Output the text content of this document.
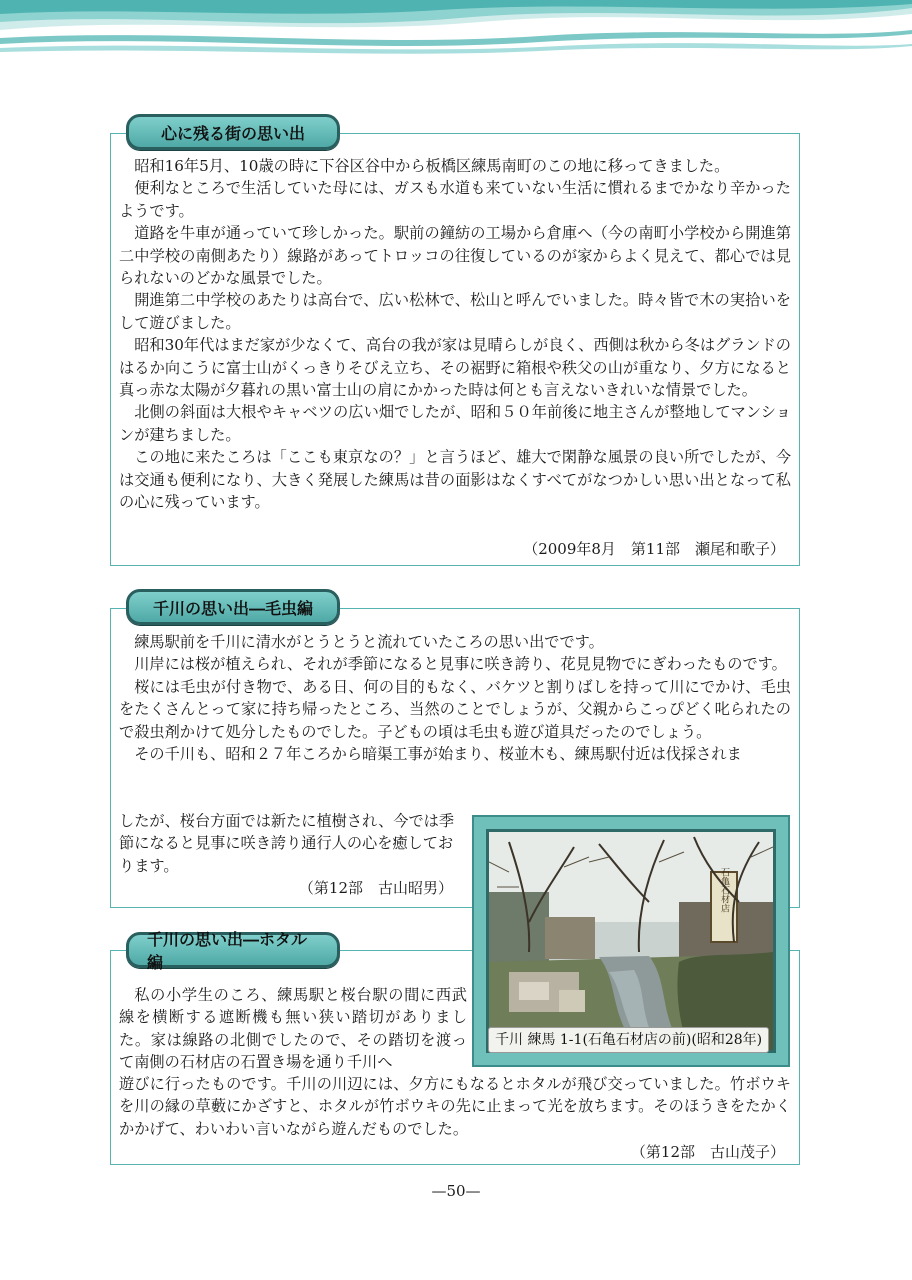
昭和16年5月、10歳の時に下谷区谷中から板橋区練馬南町のこの地に移ってきました。

便利なところで生活していた母には、ガスも水道も来ていない生活に慣れるまでかなり辛かったようです。

道路を牛車が通っていて珍しかった。駅前の鐘紡の工場から倉庫へ（今の南町小学校から開進第二中学校の南側あたり）線路があってトロッコの往復しているのが家からよく見えて、都心では見られないのどかな風景でした。

開進第二中学校のあたりは高台で、広い松林で、松山と呼んでいました。時々皆で木の実拾いをして遊びました。

昭和30年代はまだ家が少なくて、高台の我が家は見晴らしが良く、西側は秋から冬はグランドのはるか向こうに富士山がくっきりそびえ立ち、その裾野に箱根や秩父の山が重なり、夕方になると真っ赤な太陽が夕暮れの黒い富士山の肩にかかった時は何とも言えないきれいな情景でした。

北側の斜面は大根やキャベツの広い畑でしたが、昭和５０年前後に地主さんが整地してマンションが建ちました。

この地に来たころは「ここも東京なの？」と言うほど、雄大で閑静な風景の良い所でしたが、今は交通も便利になり、大きく発展した練馬は昔の面影はなくすべてがなつかしい思い出となって私の心に残っています。

（2009年8月　第11部　瀬尾和歌子）
心に残る街の思い出

練馬駅前を千川に清水がとうとうと流れていたころの思い出でです。

川岸には桜が植えられ、それが季節になると見事に咲き誇り、花見見物でにぎわったものです。

桜には毛虫が付き物で、ある日、何の目的もなく、バケツと割りばしを持って川にでかけ、毛虫をたくさんとって家に持ち帰ったところ、当然のことでしょうが、父親からこっぴどく叱られたので殺虫剤かけて処分したものでした。子どもの頃は毛虫も遊び道具だったのでしょう。

その千川も、昭和２７年ころから暗渠工事が始まり、桜並木も、練馬駅付近は伐採されま

したが、桜台方面では新たに植樹され、今では季節になると見事に咲き誇り通行人の心を癒しております。

（第12部　古山昭男）
千川の思い出―毛虫編

私の小学生のころ、練馬駅と桜台駅の間に西武線を横断する遮断機も無い狭い踏切がありました。家は線路の北側でしたので、その踏切を渡って南側の石材店の石置き場を通り千川へ

遊びに行ったものです。千川の川辺には、夕方にもなるとホタルが飛び交っていました。竹ボウキを川の縁の草藪にかざすと、ホタルが竹ボウキの先に止まって光を放ちます。そのほうきをたかくかかげて、わいわい言いながら遊んだものでした。

（第12部　古山茂子）
千川の思い出―ホタル編
石亀石材店
千川 練馬 1-1(石亀石材店の前)(昭和28年)
—50—
